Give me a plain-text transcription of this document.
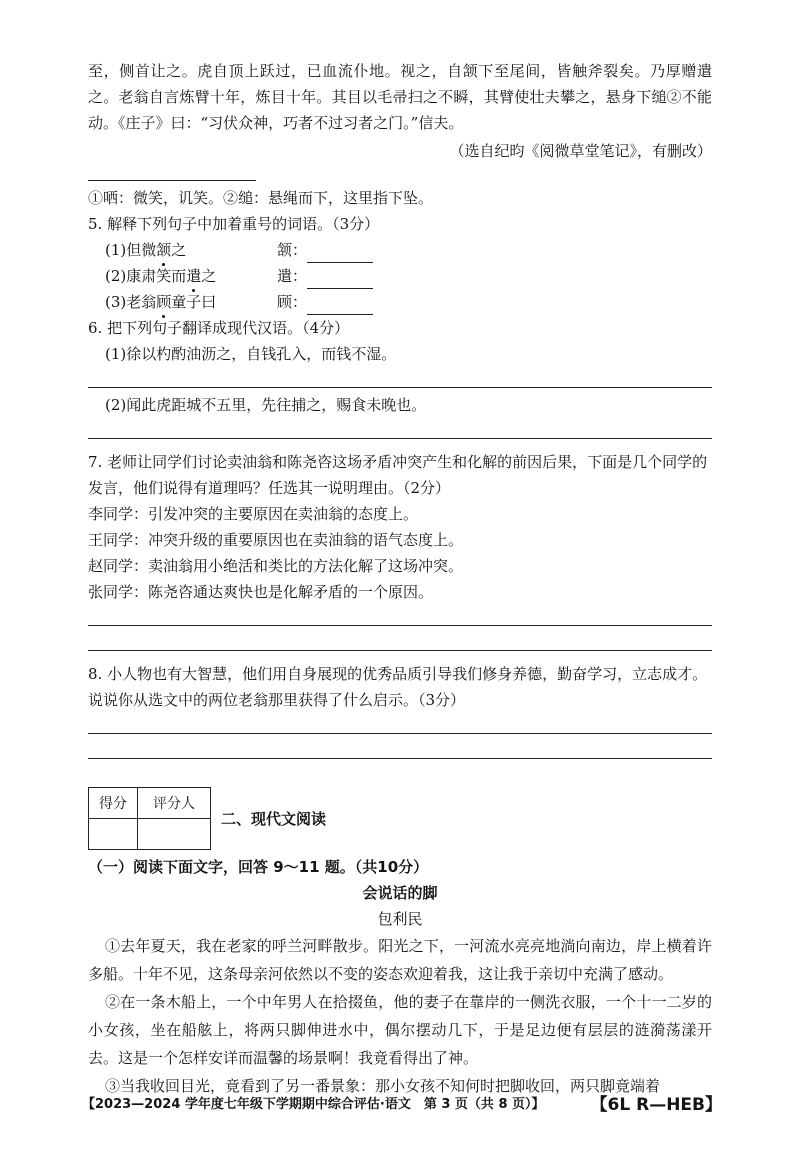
至，侧首让之。虎自顶上跃过，已血流仆地。视之，自颔下至尾间，皆触斧裂矣。乃厚赠遣之。老翁自言炼臂十年，炼目十年。其目以毛帚扫之不瞬，其臂使壮夫攀之，悬身下缒②不能动。《庄子》曰：“习伏众神，巧者不过习者之门。”信夫。

（选自纪昀《阅微草堂笔记》，有删改）
①哂：微笑，讥笑。②缒：悬绳而下，这里指下坠。

5. 解释下列句子中加着重号的词语。（3分）

(1)但微颔之	颔：
(2)康肃笑而遣之	遣：
(3)老翁顾童子曰	顾：

6. 把下列句子翻译成现代汉语。（4分）

(1)徐以杓酌油沥之，自钱孔入，而钱不湿。

(2)闻此虎距城不五里，先往捕之，赐食未晚也。

7. 老师让同学们讨论卖油翁和陈尧咨这场矛盾冲突产生和化解的前因后果，下面是几个同学的发言，他们说得有道理吗？任选其一说明理由。（2分）

李同学：引发冲突的主要原因在卖油翁的态度上。

王同学：冲突升级的重要原因也在卖油翁的语气态度上。

赵同学：卖油翁用小绝活和类比的方法化解了这场冲突。

张同学：陈尧咨通达爽快也是化解矛盾的一个原因。

8. 小人物也有大智慧，他们用自身展现的优秀品质引导我们修身养德，勤奋学习，立志成才。说说你从选文中的两位老翁那里获得了什么启示。（3分）

得分	评分人

二、现代文阅读
（一）阅读下面文字，回答 9～11 题。（共10分）
会说话的脚
包利民

①去年夏天，我在老家的呼兰河畔散步。阳光之下，一河流水亮亮地淌向南边，岸上横着许多船。十年不见，这条母亲河依然以不变的姿态欢迎着我，这让我于亲切中充满了感动。

②在一条木船上，一个中年男人在拾掇鱼，他的妻子在靠岸的一侧洗衣服，一个十一二岁的小女孩，坐在船舷上，将两只脚伸进水中，偶尔摆动几下，于是足边便有层层的涟漪荡漾开去。这是一个怎样安详而温馨的场景啊！我竟看得出了神。

③当我收回目光，竟看到了另一番景象：那小女孩不知何时把脚收回，两只脚竟端着

【2023—2024 学年度七年级下学期期中综合评估·语文　第 3 页（共 8 页）】	【6L R—HEB】
